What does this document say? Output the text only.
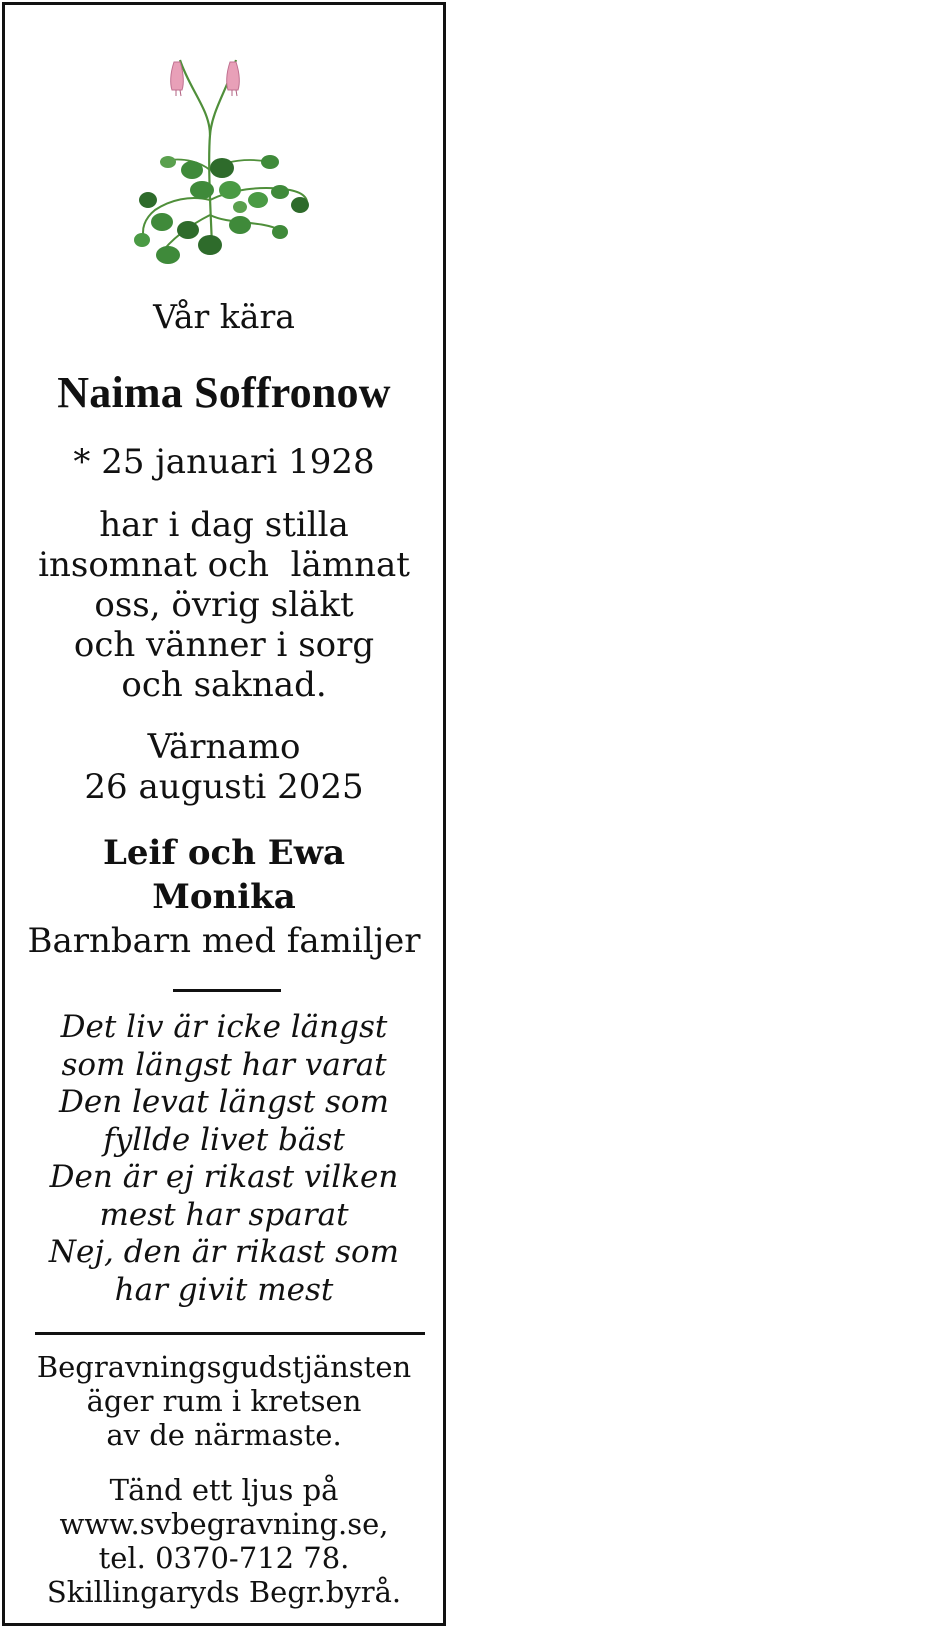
Vår kära
Naima Soffronow
* 25 januari 1928
har i dag stilla
insomnat och  lämnat
oss, övrig släkt
och vänner i sorg
och saknad.
Värnamo
26 augusti 2025
Leif och Ewa
Monika
Barnbarn med familjer
Det liv är icke längst
som längst har varat
Den levat längst som
fyllde livet bäst
Den är ej rikast vilken
mest har sparat
Nej, den är rikast som
har givit mest
Begravningsgudstjänsten
äger rum i kretsen
av de närmaste.
Tänd ett ljus på
www.svbegravning.se,
tel. 0370-712 78.
Skillingaryds Begr.byrå.
